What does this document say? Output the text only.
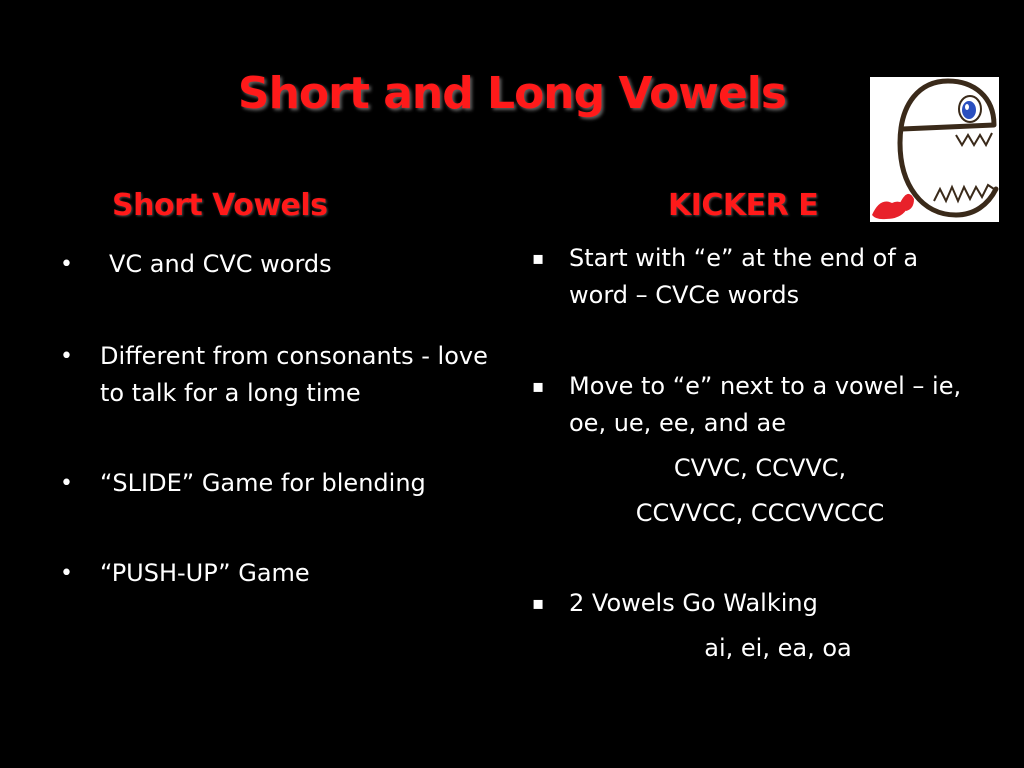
Short and Long Vowels
Short Vowels	KICKER E
• VC and CVC words
• Different from consonants - love to talk for a long time
• “SLIDE” Game for blending
• “PUSH-UP” Game
▪ Start with “e” at the end of a word – CVCe words
▪ Move to “e” next to a vowel – ie, oe, ue, ee, and ae
CVVC, CCVVC,
CCVVCC, CCCVVCCC
▪ 2 Vowels Go Walking
ai, ei, ea, oa
